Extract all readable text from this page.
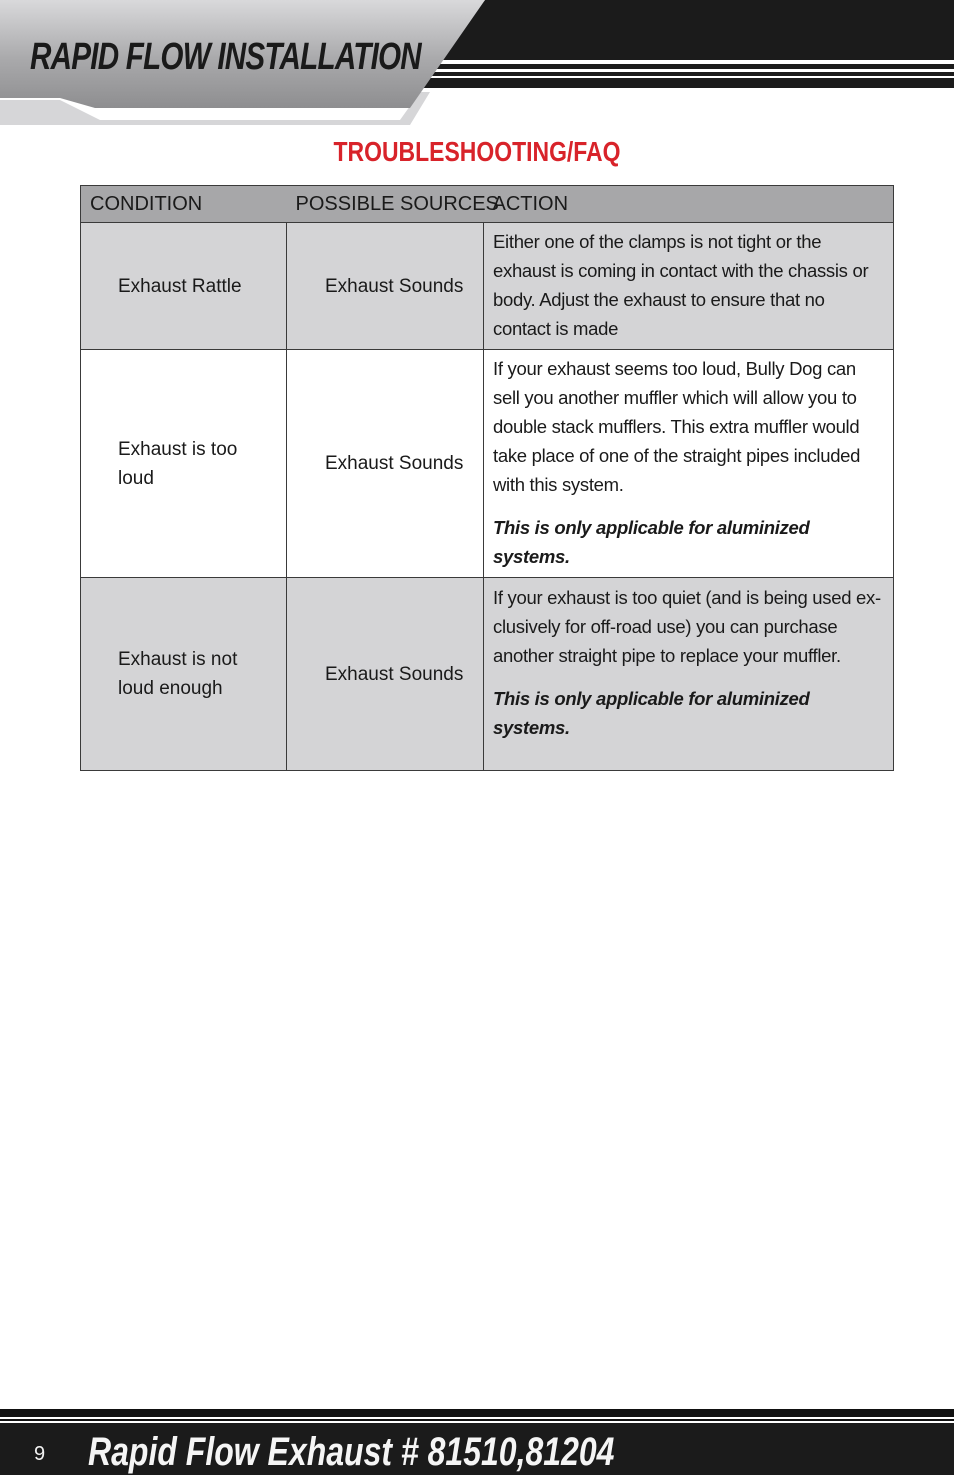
RAPID FLOW INSTALLATION
TROUBLESHOOTING/FAQ
CONDITION	POSSIBLE SOURCES	ACTION
Exhaust Rattle	Exhaust Sounds	Either one of the clamps is not tight or the exhaust is coming in contact with the chassis or body. Adjust the exhaust to ensure that no contact is made

Exhaust is too loud	Exhaust Sounds	If your exhaust seems too loud, Bully Dog can sell you another muffler which will allow you to double stack mufflers. This extra muffler would take place of one of the straight pipes included with this system.

This is only applicable for aluminized systems.

Exhaust is not loud enough	Exhaust Sounds	If your exhaust is too quiet (and is being used ex-clusively for off-road use) you can purchase another straight pipe to replace your muffler.

This is only applicable for aluminized systems.

9 Rapid Flow Exhaust # 81510,81204
